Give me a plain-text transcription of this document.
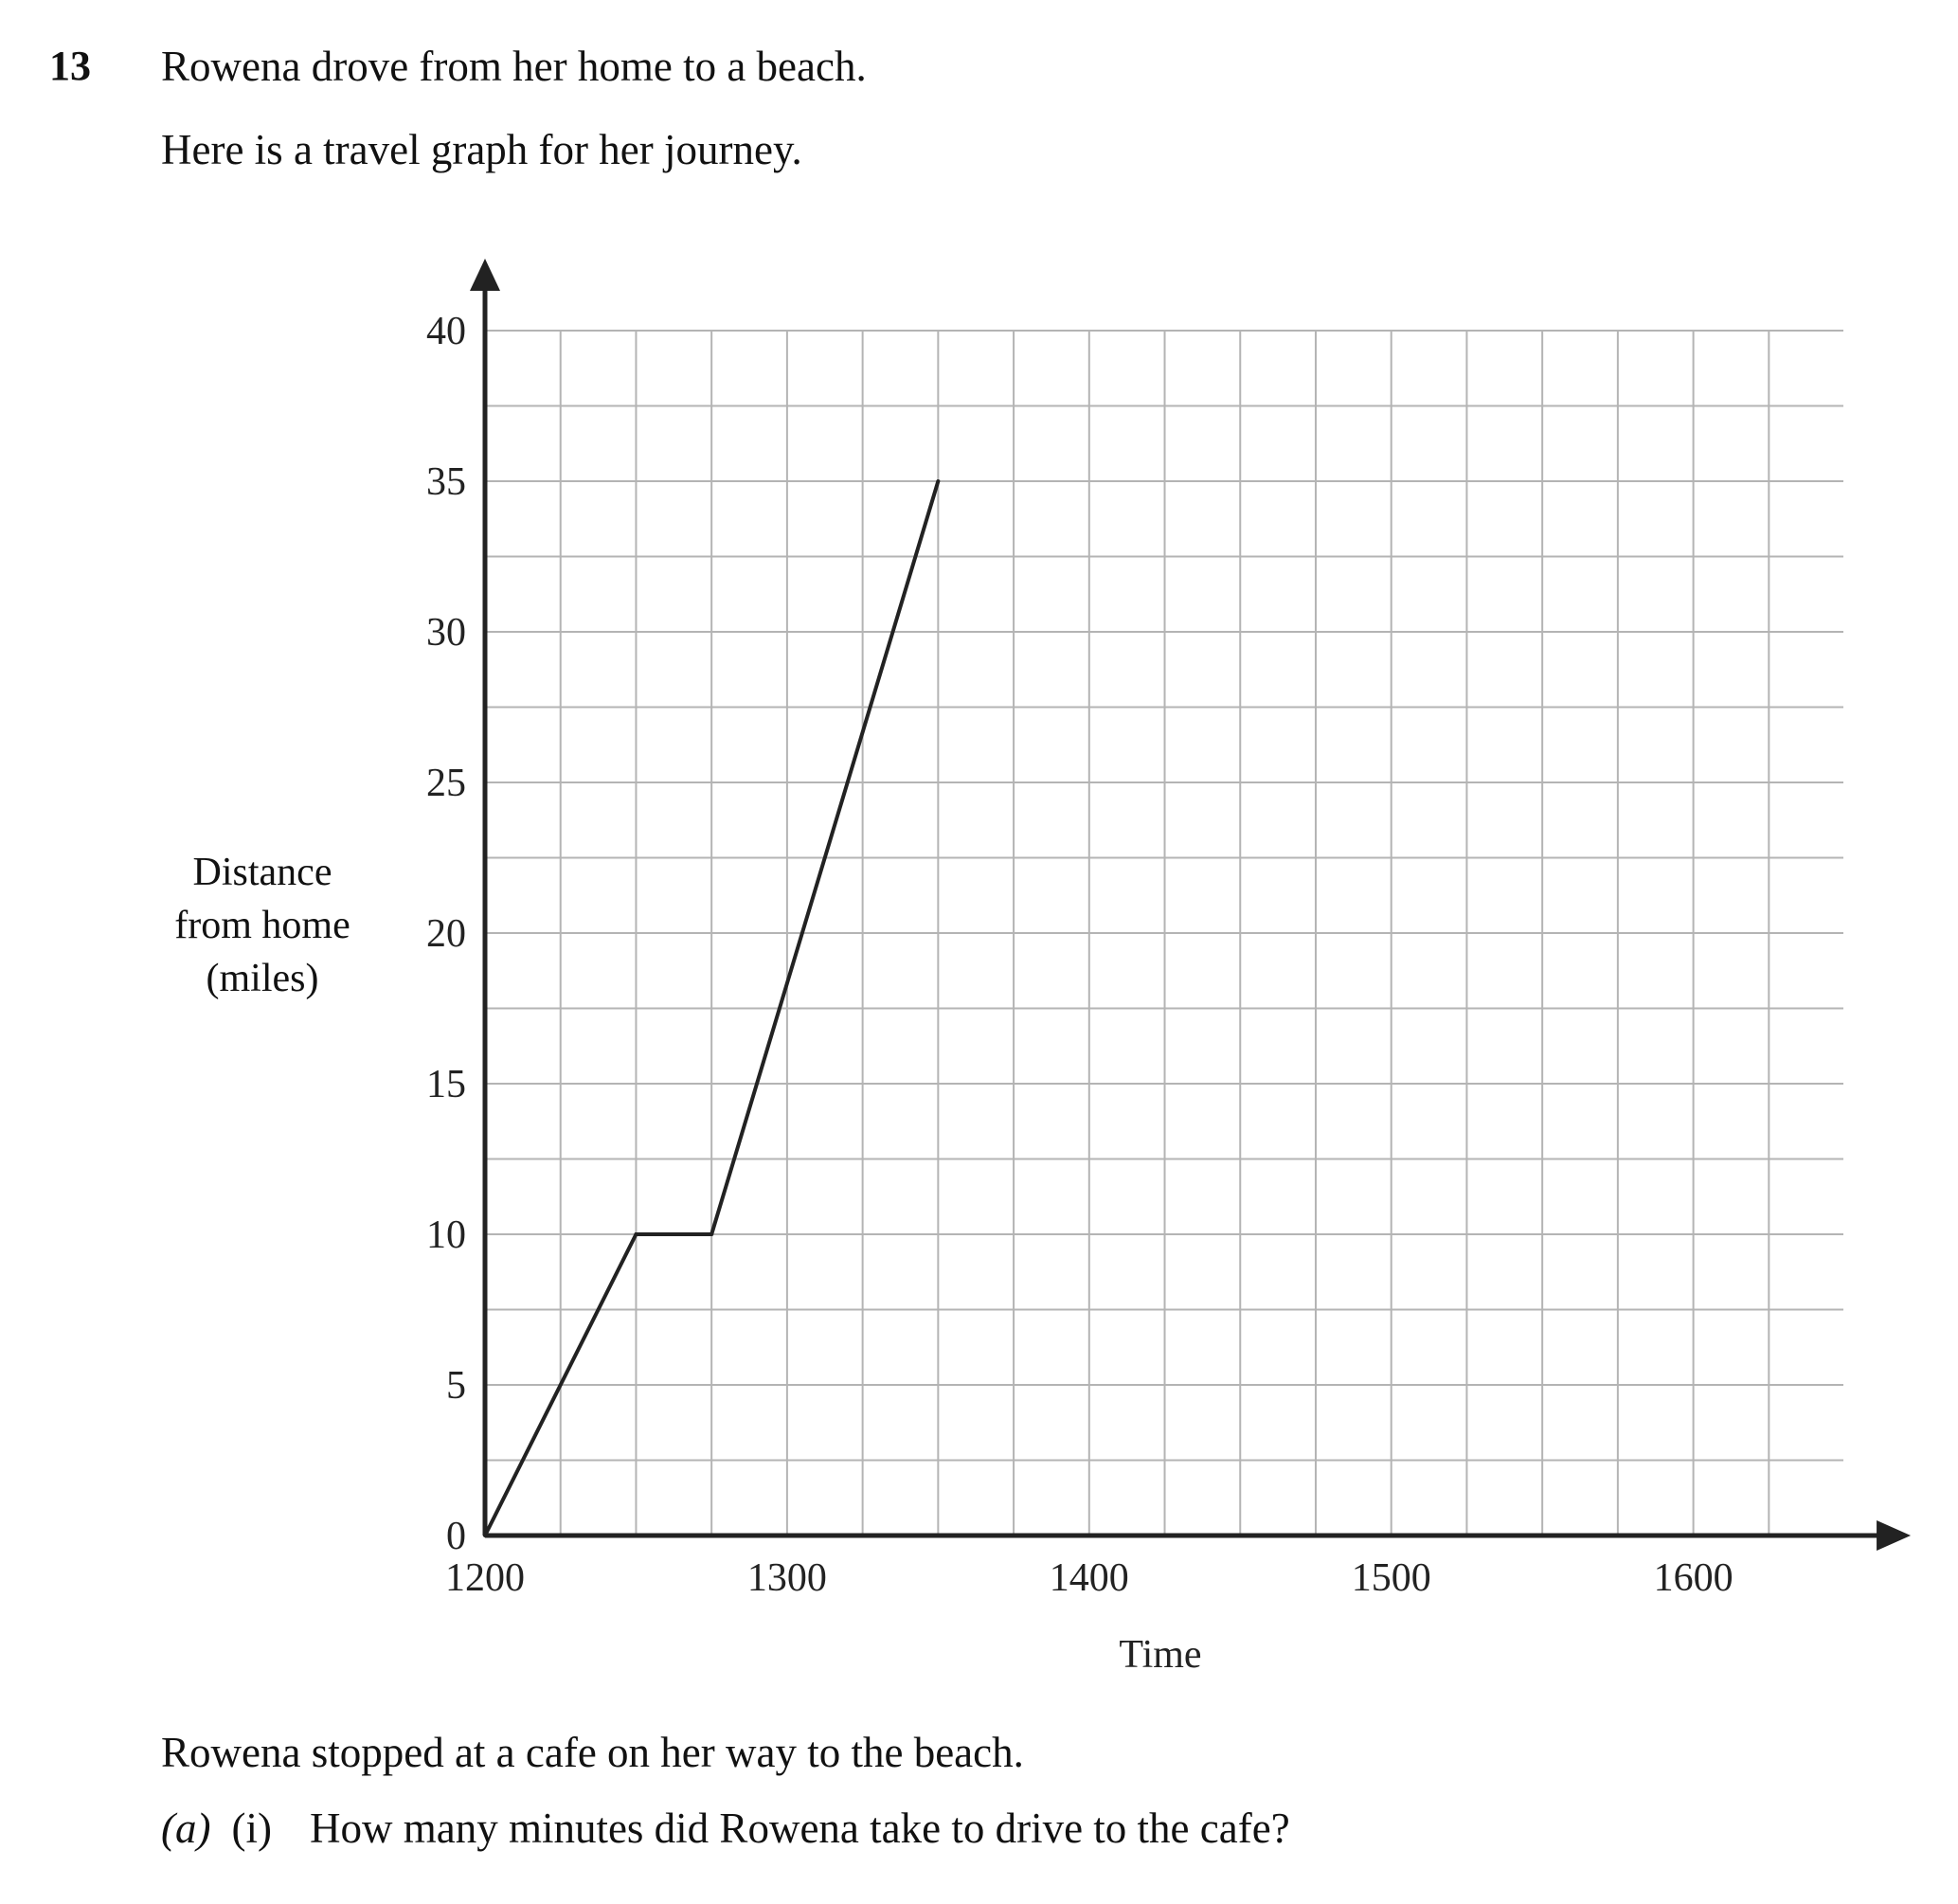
13 Rowena drove from her home to a beach.
Here is a travel graph for her journey.
Distance
from home
(miles)
0
5
10
15
20
25
30
35
40
1200	1300	1400	1500	1600
Time
Rowena stopped at a cafe on her way to the beach.
(a) (i) How many minutes did Rowena take to drive to the cafe?
